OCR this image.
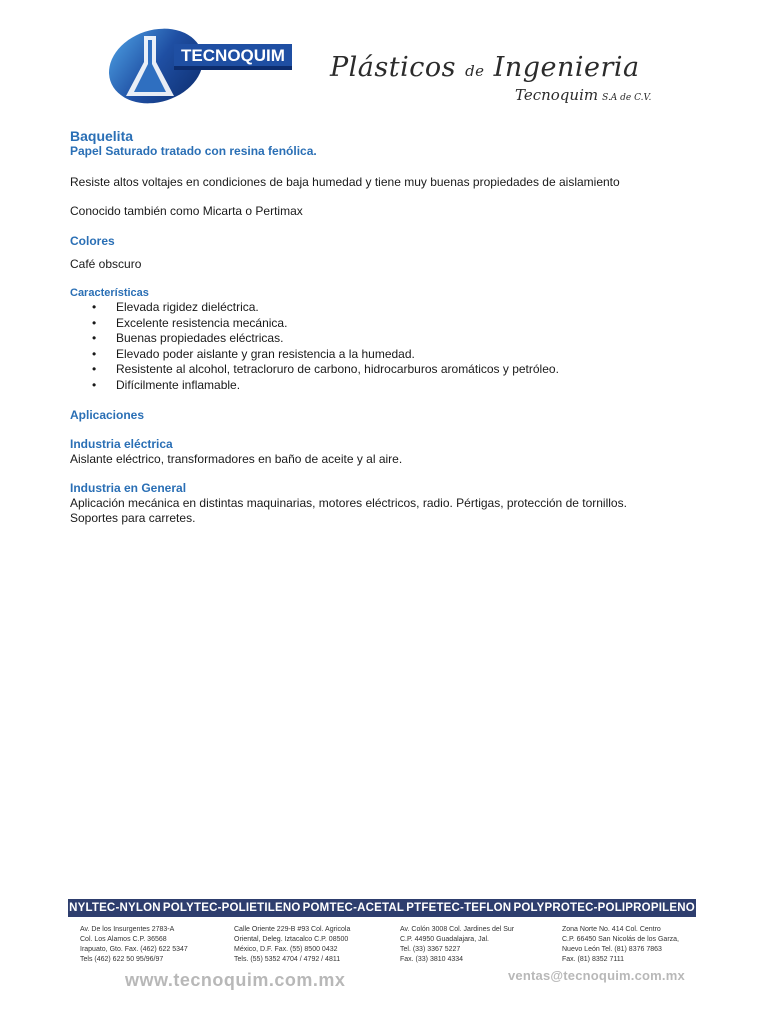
TECNOQUIM Plásticos de Ingenieria
Tecnoquim S.A de C.V.
Baquelita
Papel Saturado tratado con resina fenólica.

Resiste altos voltajes en condiciones de baja humedad y tiene muy buenas propiedades de aislamiento

Conocido también como Micarta o Pertimax

Colores

Café obscuro

Características
• Elevada rigidez dieléctrica.
• Excelente resistencia mecánica.
• Buenas propiedades eléctricas.
• Elevado poder aislante y gran resistencia a la humedad.
• Resistente al alcohol, tetracloruro de carbono, hidrocarburos aromáticos y petróleo.
• Difícilmente inflamable.
Aplicaciones
Industria eléctrica

Aislante eléctrico, transformadores en baño de aceite y al aire.

Industria en General

Aplicación mecánica en distintas maquinarias, motores eléctricos, radio. Pértigas, protección de tornillos.

Soportes para carretes.

NYLTEC-NYLON POLYTEC-POLIETILENO POMTEC-ACETAL PTFETEC-TEFLON POLYPROTEC-POLIPROPILENO
Av. De los Insurgentes 2783-A
Col. Los Alamos C.P. 36568
Irapuato, Gto. Fax. (462) 622 5347
Tels (462) 622 50 95/96/97
Calle Oriente 229-B #93 Col. Agricola
Oriental, Deleg. Iztacalco C.P. 08500
México, D.F. Fax. (55) 8500 0432
Tels. (55) 5352 4704 / 4792 / 4811
Av. Colón 3008 Col. Jardines del Sur
C.P. 44950 Guadalajara, Jal.
Tel. (33) 3367 5227
Fax. (33) 3810 4334
Zona Norte No. 414 Col. Centro
C.P. 66450 San Nicolás de los Garza,
Nuevo León Tel. (81) 8376 7863
Fax. (81) 8352 7111
www.tecnoquim.com.mx	ventas@tecnoquim.com.mx
